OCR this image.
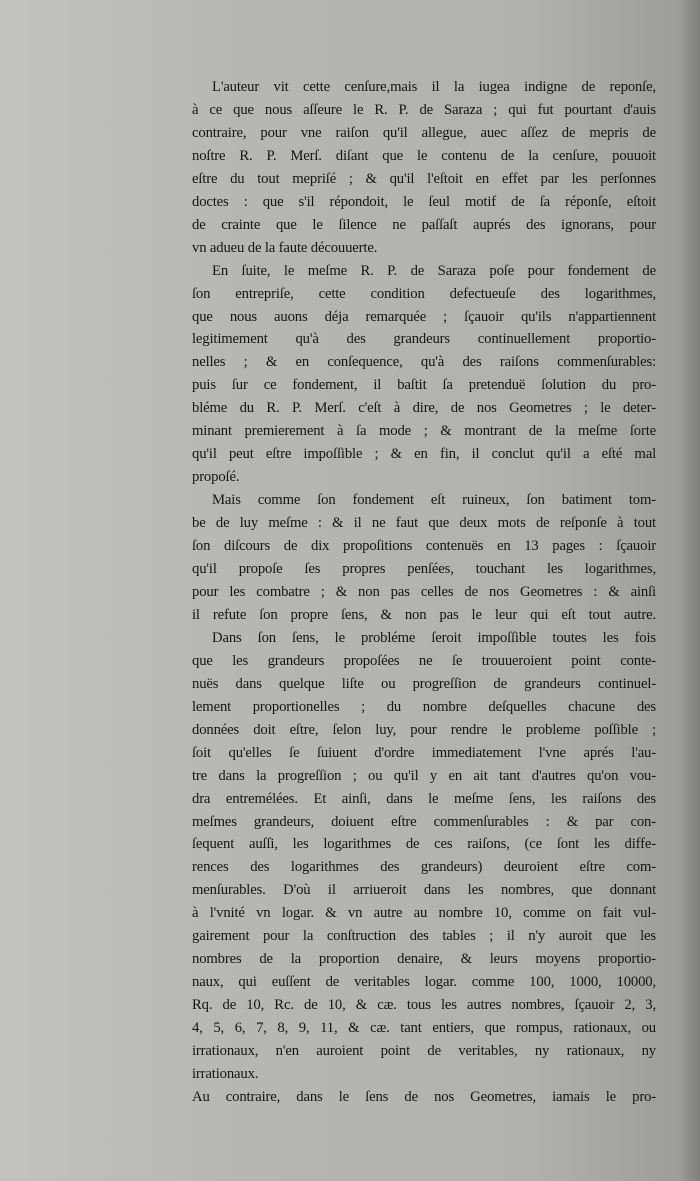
L'auteur vit cette cenſure,mais il la iugea indigne de reponſe,
à ce que nous aſſeure le R. P. de Saraza ; qui fut pourtant d'auis
contraire, pour vne raiſon qu'il allegue, auec aſſez de mepris de
noſtre R. P. Merſ. diſant que le contenu de la cenſure, pouuoit
eſtre du tout mepriſé ; & qu'il l'eſtoit en effet par les perſonnes
doctes : que s'il répondoit, le ſeul motif de ſa réponſe, eſtoit
de crainte que le ſilence ne paſſaſt auprés des ignorans, pour
vn adueu de la faute découuerte.

En ſuite, le meſme R. P. de Saraza poſe pour fondement de
ſon entrepriſe, cette condition defectueuſe des logarithmes,
que nous auons déja remarquée ; ſçauoir qu'ils n'appartiennent
legitimement qu'à des grandeurs continuellement proportio-
nelles ; & en conſequence, qu'à des raiſons commenſurables:
puis ſur ce fondement, il baſtit ſa pretenduë ſolution du pro-
bléme du R. P. Merſ. c'eſt à dire, de nos Geometres ; le deter-
minant premierement à ſa mode ; & montrant de la meſme ſorte
qu'il peut eſtre impoſſible ; & en fin, il conclut qu'il a eſté mal
propoſé.

Mais comme ſon fondement eſt ruineux, ſon batiment tom-
be de luy meſme : & il ne faut que deux mots de reſponſe à tout
ſon diſcours de dix propoſitions contenuës en 13 pages : ſçauoir
qu'il propoſe ſes propres penſées, touchant les logarithmes,
pour les combatre ; & non pas celles de nos Geometres : & ainſi
il refute ſon propre ſens, & non pas le leur qui eſt tout autre.

Dans ſon ſens, le probléme ſeroit impoſſible toutes les fois
que les grandeurs propoſées ne ſe trouueroient point conte-
nuës dans quelque liſte ou progreſſion de grandeurs continuel-
lement proportionelles ; du nombre deſquelles chacune des
données doit eſtre, ſelon luy, pour rendre le probleme poſſible ;
ſoit qu'elles ſe ſuiuent d'ordre immediatement l'vne aprés l'au-
tre dans la progreſſion ; ou qu'il y en ait tant d'autres qu'on vou-
dra entremélées. Et ainſi, dans le meſme ſens, les raiſons des
meſmes grandeurs, doiuent eſtre commenſurables : & par con-
ſequent auſſi, les logarithmes de ces raiſons, (ce ſont les diffe-
rences des logarithmes des grandeurs) deuroient eſtre com-
menſurables. D'où il arriueroit dans les nombres, que donnant
à l'vnité vn logar. & vn autre au nombre 10, comme on fait vul-
gairement pour la conſtruction des tables ; il n'y auroit que les
nombres de la proportion denaire, & leurs moyens proportio-
naux, qui euſſent de veritables logar. comme 100, 1000, 10000,
Rq. de 10, Rc. de 10, & cæ. tous les autres nombres, ſçauoir 2, 3,
4, 5, 6, 7, 8, 9, 11, & cæ. tant entiers, que rompus, rationaux, ou
irrationaux, n'en auroient point de veritables, ny rationaux, ny
irrationaux.

Au contraire, dans le ſens de nos Geometres, iamais le pro-
